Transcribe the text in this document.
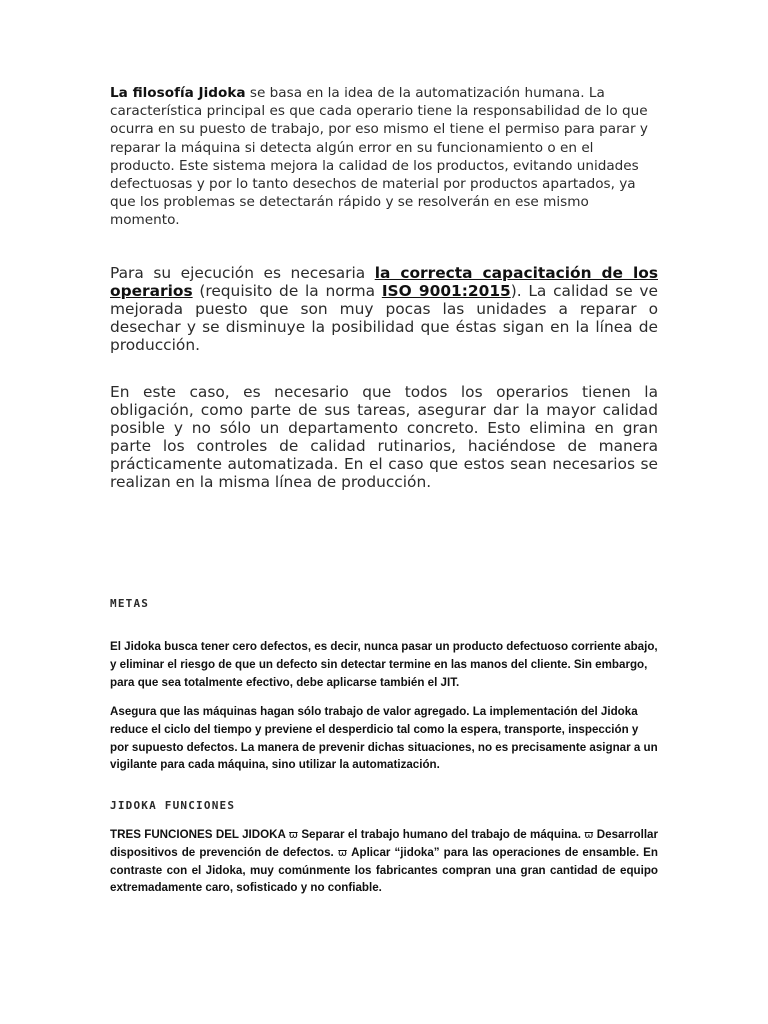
La filosofía Jidoka se basa en la idea de la automatización humana. La característica principal es que cada operario tiene la responsabilidad de lo que ocurra en su puesto de trabajo, por eso mismo el tiene el permiso para parar y reparar la máquina si detecta algún error en su funcionamiento o en el producto. Este sistema mejora la calidad de los productos, evitando unidades defectuosas y por lo tanto desechos de material por productos apartados, ya que los problemas se detectarán rápido y se resolverán en ese mismo momento.

Para su ejecución es necesaria la correcta capacitación de los operarios (requisito de la norma ISO 9001:2015). La calidad se ve mejorada puesto que son muy pocas las unidades a reparar o desechar y se disminuye la posibilidad que éstas sigan en la línea de producción.

En este caso, es necesario que todos los operarios tienen la obligación, como parte de sus tareas, asegurar dar la mayor calidad posible y no sólo un departamento concreto. Esto elimina en gran parte los controles de calidad rutinarios, haciéndose de manera prácticamente automatizada. En el caso que estos sean necesarios se realizan en la misma línea de producción.

METAS

El Jidoka busca tener cero defectos, es decir, nunca pasar un producto defectuoso corriente abajo, y eliminar el riesgo de que un defecto sin detectar termine en las manos del cliente. Sin embargo, para que sea totalmente efectivo, debe aplicarse también el JIT.

Asegura que las máquinas hagan sólo trabajo de valor agregado. La implementación del Jidoka reduce el ciclo del tiempo y previene el desperdicio tal como la espera, transporte, inspección y por supuesto defectos. La manera de prevenir dichas situaciones, no es precisamente asignar a un vigilante para cada máquina, sino utilizar la automatización.

JIDOKA FUNCIONES

TRES FUNCIONES DEL JIDOKA ϖ Separar el trabajo humano del trabajo de máquina. ϖ Desarrollar dispositivos de prevención de defectos. ϖ Aplicar “jidoka” para las operaciones de ensamble. En contraste con el Jidoka, muy comúnmente los fabricantes compran una gran cantidad de equipo extremadamente caro, sofisticado y no confiable.
